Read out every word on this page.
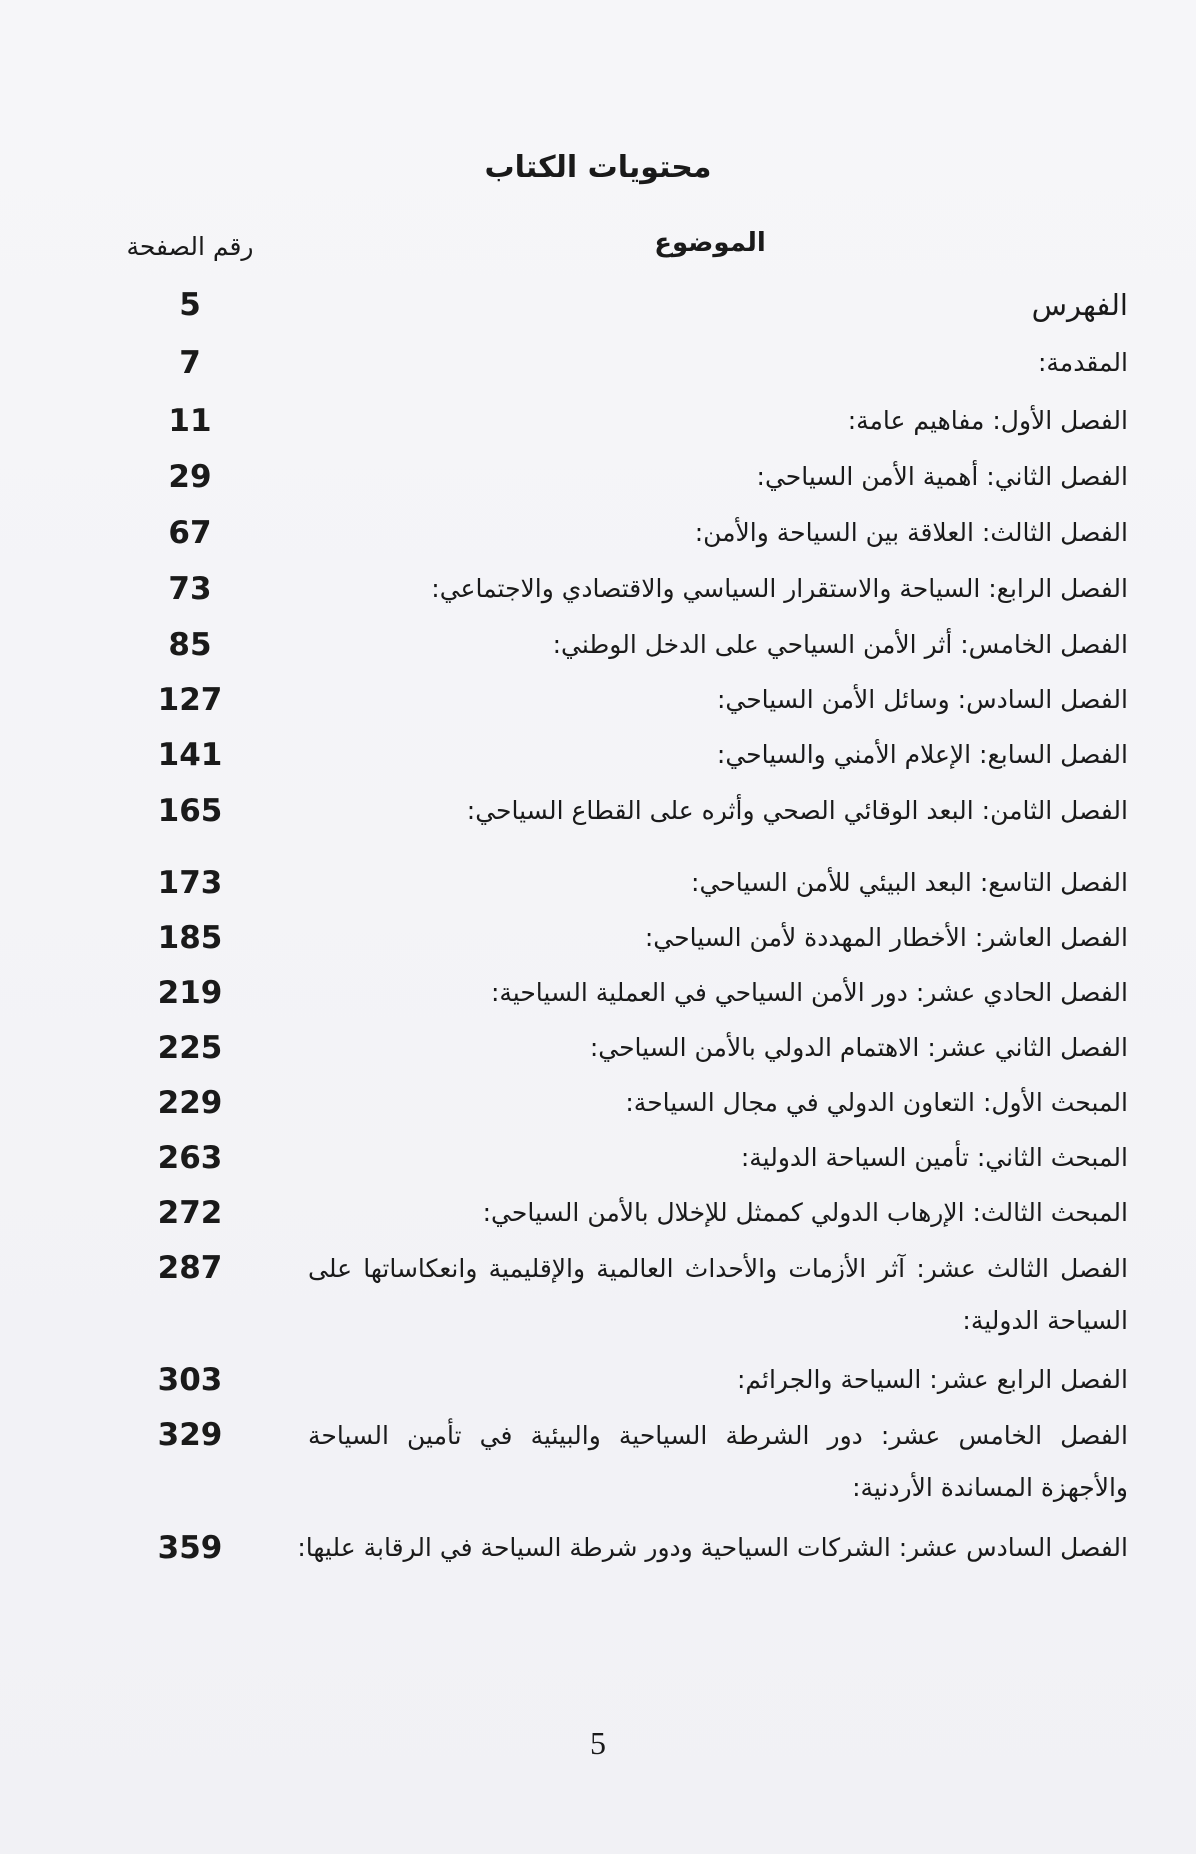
محتويات الكتاب
الموضوع
رقم الصفحة
الفهرس
5
المقدمة:
7
الفصل الأول: مفاهيم عامة:
11
الفصل الثاني: أهمية الأمن السياحي:
29
الفصل الثالث: العلاقة بين السياحة والأمن:
67
الفصل الرابع: السياحة والاستقرار السياسي والاقتصادي والاجتماعي:
73
الفصل الخامس: أثر الأمن السياحي على الدخل الوطني:
85
الفصل السادس: وسائل الأمن السياحي:
127
الفصل السابع: الإعلام الأمني والسياحي:
141
الفصل الثامن: البعد الوقائي الصحي وأثره على القطاع السياحي:
165
الفصل التاسع: البعد البيئي للأمن السياحي:
173
الفصل العاشر: الأخطار المهددة لأمن السياحي:
185
الفصل الحادي عشر: دور الأمن السياحي في العملية السياحية:
219
الفصل الثاني عشر: الاهتمام الدولي بالأمن السياحي:
225
المبحث الأول: التعاون الدولي في مجال السياحة:
229
المبحث الثاني: تأمين السياحة الدولية:
263
المبحث الثالث: الإرهاب الدولي كممثل للإخلال بالأمن السياحي:
272
الفصل الثالث عشر: آثر الأزمات والأحداث العالمية والإقليمية وانعكاساتها على السياحة الدولية:
287
الفصل الرابع عشر: السياحة والجرائم:
303
الفصل الخامس عشر: دور الشرطة السياحية والبيئية في تأمين السياحة والأجهزة المساندة الأردنية:
329
الفصل السادس عشر: الشركات السياحية ودور شرطة السياحة في الرقابة عليها:
359
5
